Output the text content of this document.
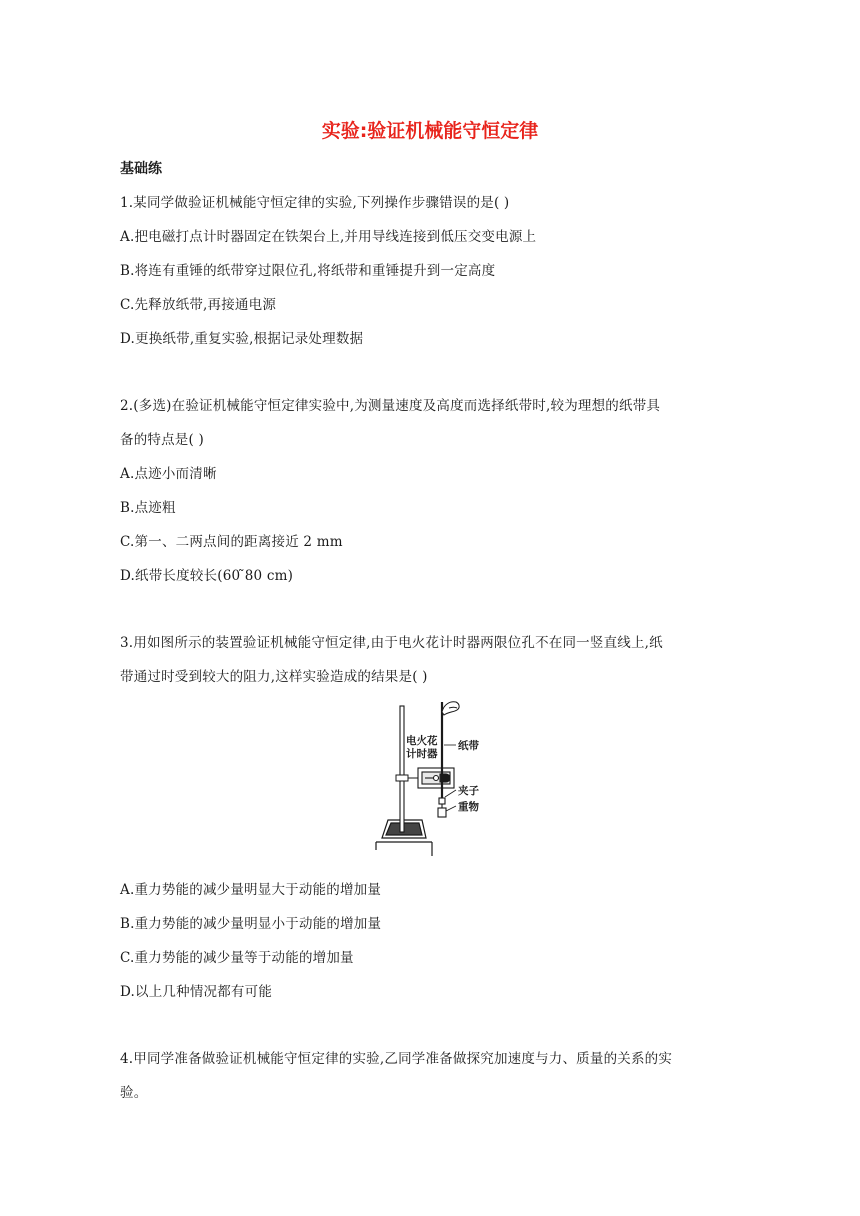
实验:验证机械能守恒定律
基础练
1.某同学做验证机械能守恒定律的实验,下列操作步骤错误的是( )
A.把电磁打点计时器固定在铁架台上,并用导线连接到低压交变电源上
B.将连有重锤的纸带穿过限位孔,将纸带和重锤提升到一定高度
C.先释放纸带,再接通电源
D.更换纸带,重复实验,根据记录处理数据
2.(多选)在验证机械能守恒定律实验中,为测量速度及高度而选择纸带时,较为理想的纸带具
备的特点是( )
A.点迹小而清晰
B.点迹粗
C.第一、二两点间的距离接近 2 mm
D.纸带长度较长(60 ̃80 cm)
3.用如图所示的装置验证机械能守恒定律,由于电火花计时器两限位孔不在同一竖直线上,纸
带通过时受到较大的阻力,这样实验造成的结果是( )
电火花
计时器
纸带
夹子
重物
A.重力势能的减少量明显大于动能的增加量
B.重力势能的减少量明显小于动能的增加量
C.重力势能的减少量等于动能的增加量
D.以上几种情况都有可能
4.甲同学准备做验证机械能守恒定律的实验,乙同学准备做探究加速度与力、质量的关系的实
验。
